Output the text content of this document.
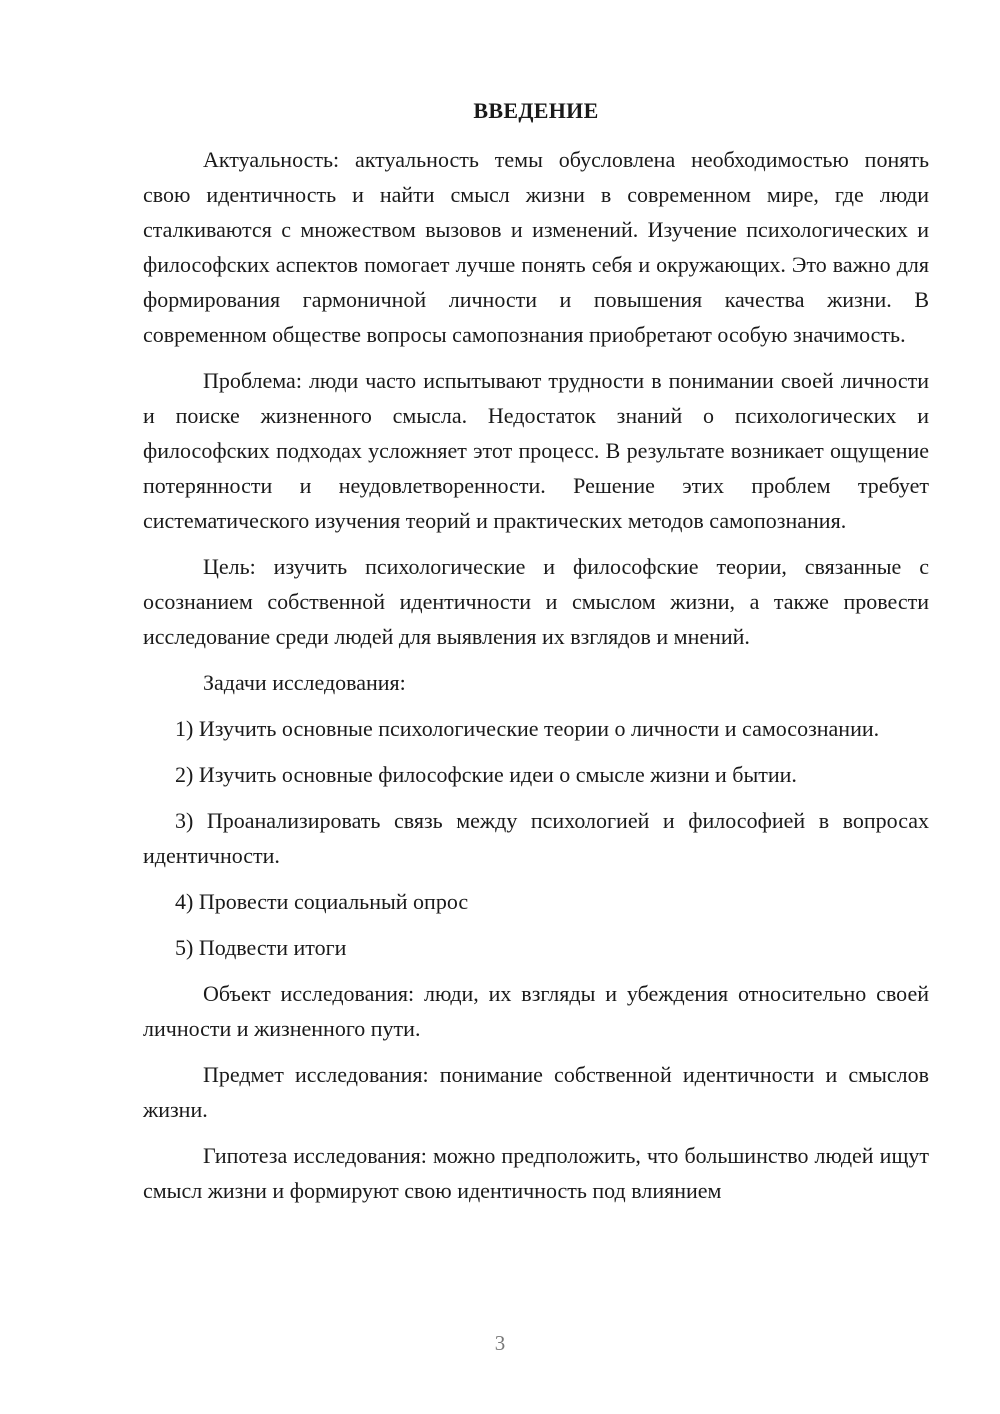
ВВЕДЕНИЕ

Актуальность: актуальность темы обусловлена необходимостью понять свою идентичность и найти смысл жизни в современном мире, где люди сталкиваются с множеством вызовов и изменений. Изучение психологических и философских аспектов помогает лучше понять себя и окружающих. Это важно для формирования гармоничной личности и повышения качества жизни. В современном обществе вопросы самопознания приобретают особую значимость.

Проблема: люди часто испытывают трудности в понимании своей личности и поиске жизненного смысла. Недостаток знаний о психологических и философских подходах усложняет этот процесс. В результате возникает ощущение потерянности и неудовлетворенности. Решение этих проблем требует систематического изучения теорий и практических методов самопознания.

Цель: изучить психологические и философские теории, связанные с осознанием собственной идентичности и смыслом жизни, а также провести исследование среди людей для выявления их взглядов и мнений.

Задачи исследования:

1) Изучить основные психологические теории о личности и самосознании.

2) Изучить основные философские идеи о смысле жизни и бытии.

3) Проанализировать связь между психологией и философией в вопросах идентичности.

4) Провести социальный опрос

5) Подвести итоги

Объект исследования: люди, их взгляды и убеждения относительно своей личности и жизненного пути.

Предмет исследования: понимание собственной идентичности и смыслов жизни.

Гипотеза исследования: можно предположить, что большинство людей ищут смысл жизни и формируют свою идентичность под влиянием

3
